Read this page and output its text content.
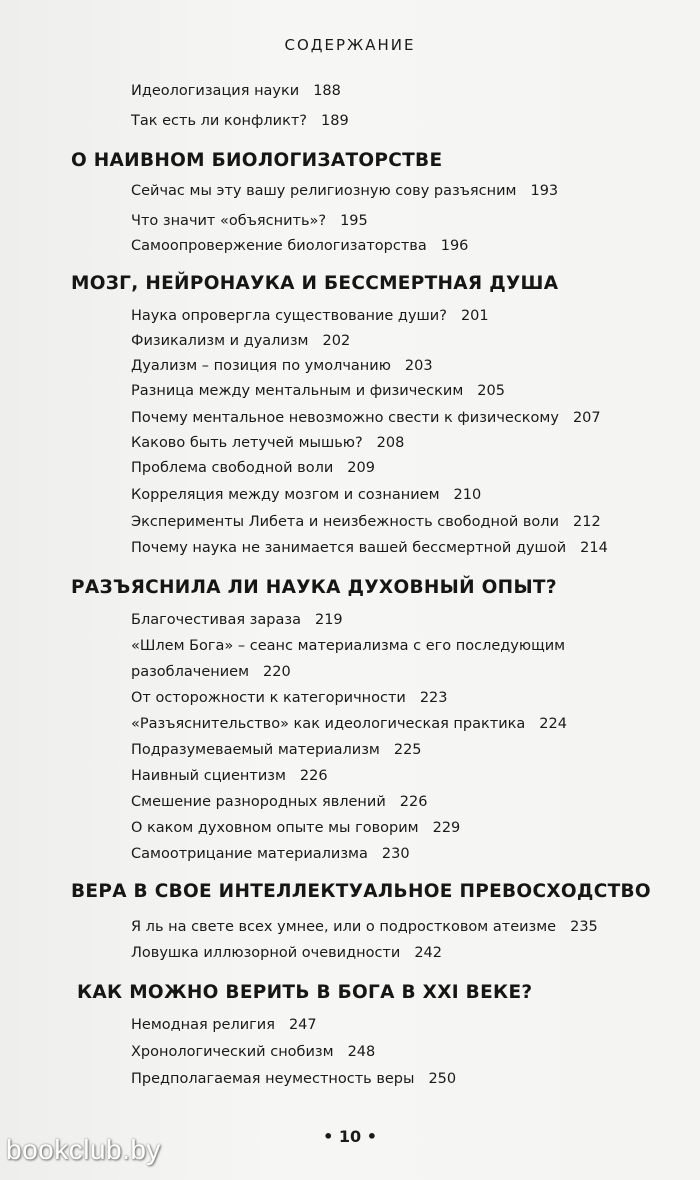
СОДЕРЖАНИЕ
Идеологизация науки 188
Так есть ли конфликт? 189
О НАИВНОМ БИОЛОГИЗАТОРСТВЕ
Сейчас мы эту вашу религиозную сову разъясним 193
Что значит «объяснить»? 195
Самоопровержение биологизаторства 196
МОЗГ, НЕЙРОНАУКА И БЕССМЕРТНАЯ ДУША
Наука опровергла существование души? 201
Физикализм и дуализм 202
Дуализм – позиция по умолчанию 203
Разница между ментальным и физическим 205
Почему ментальное невозможно свести к физическому 207
Каково быть летучей мышью? 208
Проблема свободной воли 209
Корреляция между мозгом и сознанием 210
Эксперименты Либета и неизбежность свободной воли 212
Почему наука не занимается вашей бессмертной душой 214
РАЗЪЯСНИЛА ЛИ НАУКА ДУХОВНЫЙ ОПЫТ?
Благочестивая зараза 219
«Шлем Бога» – сеанс материализма с его последующим
разоблачением 220
От осторожности к категоричности 223
«Разъяснительство» как идеологическая практика 224
Подразумеваемый материализм 225
Наивный сциентизм 226
Смешение разнородных явлений 226
О каком духовном опыте мы говорим 229
Самоотрицание материализма 230
ВЕРА В СВОЕ ИНТЕЛЛЕКТУАЛЬНОЕ ПРЕВОСХОДСТВО
Я ль на свете всех умнее, или о подростковом атеизме 235
Ловушка иллюзорной очевидности 242
КАК МОЖНО ВЕРИТЬ В БОГА В XXI ВЕКЕ?
Немодная религия 247
Хронологический снобизм 248
Предполагаемая неуместность веры 250
• 10 •
bookclub.by
